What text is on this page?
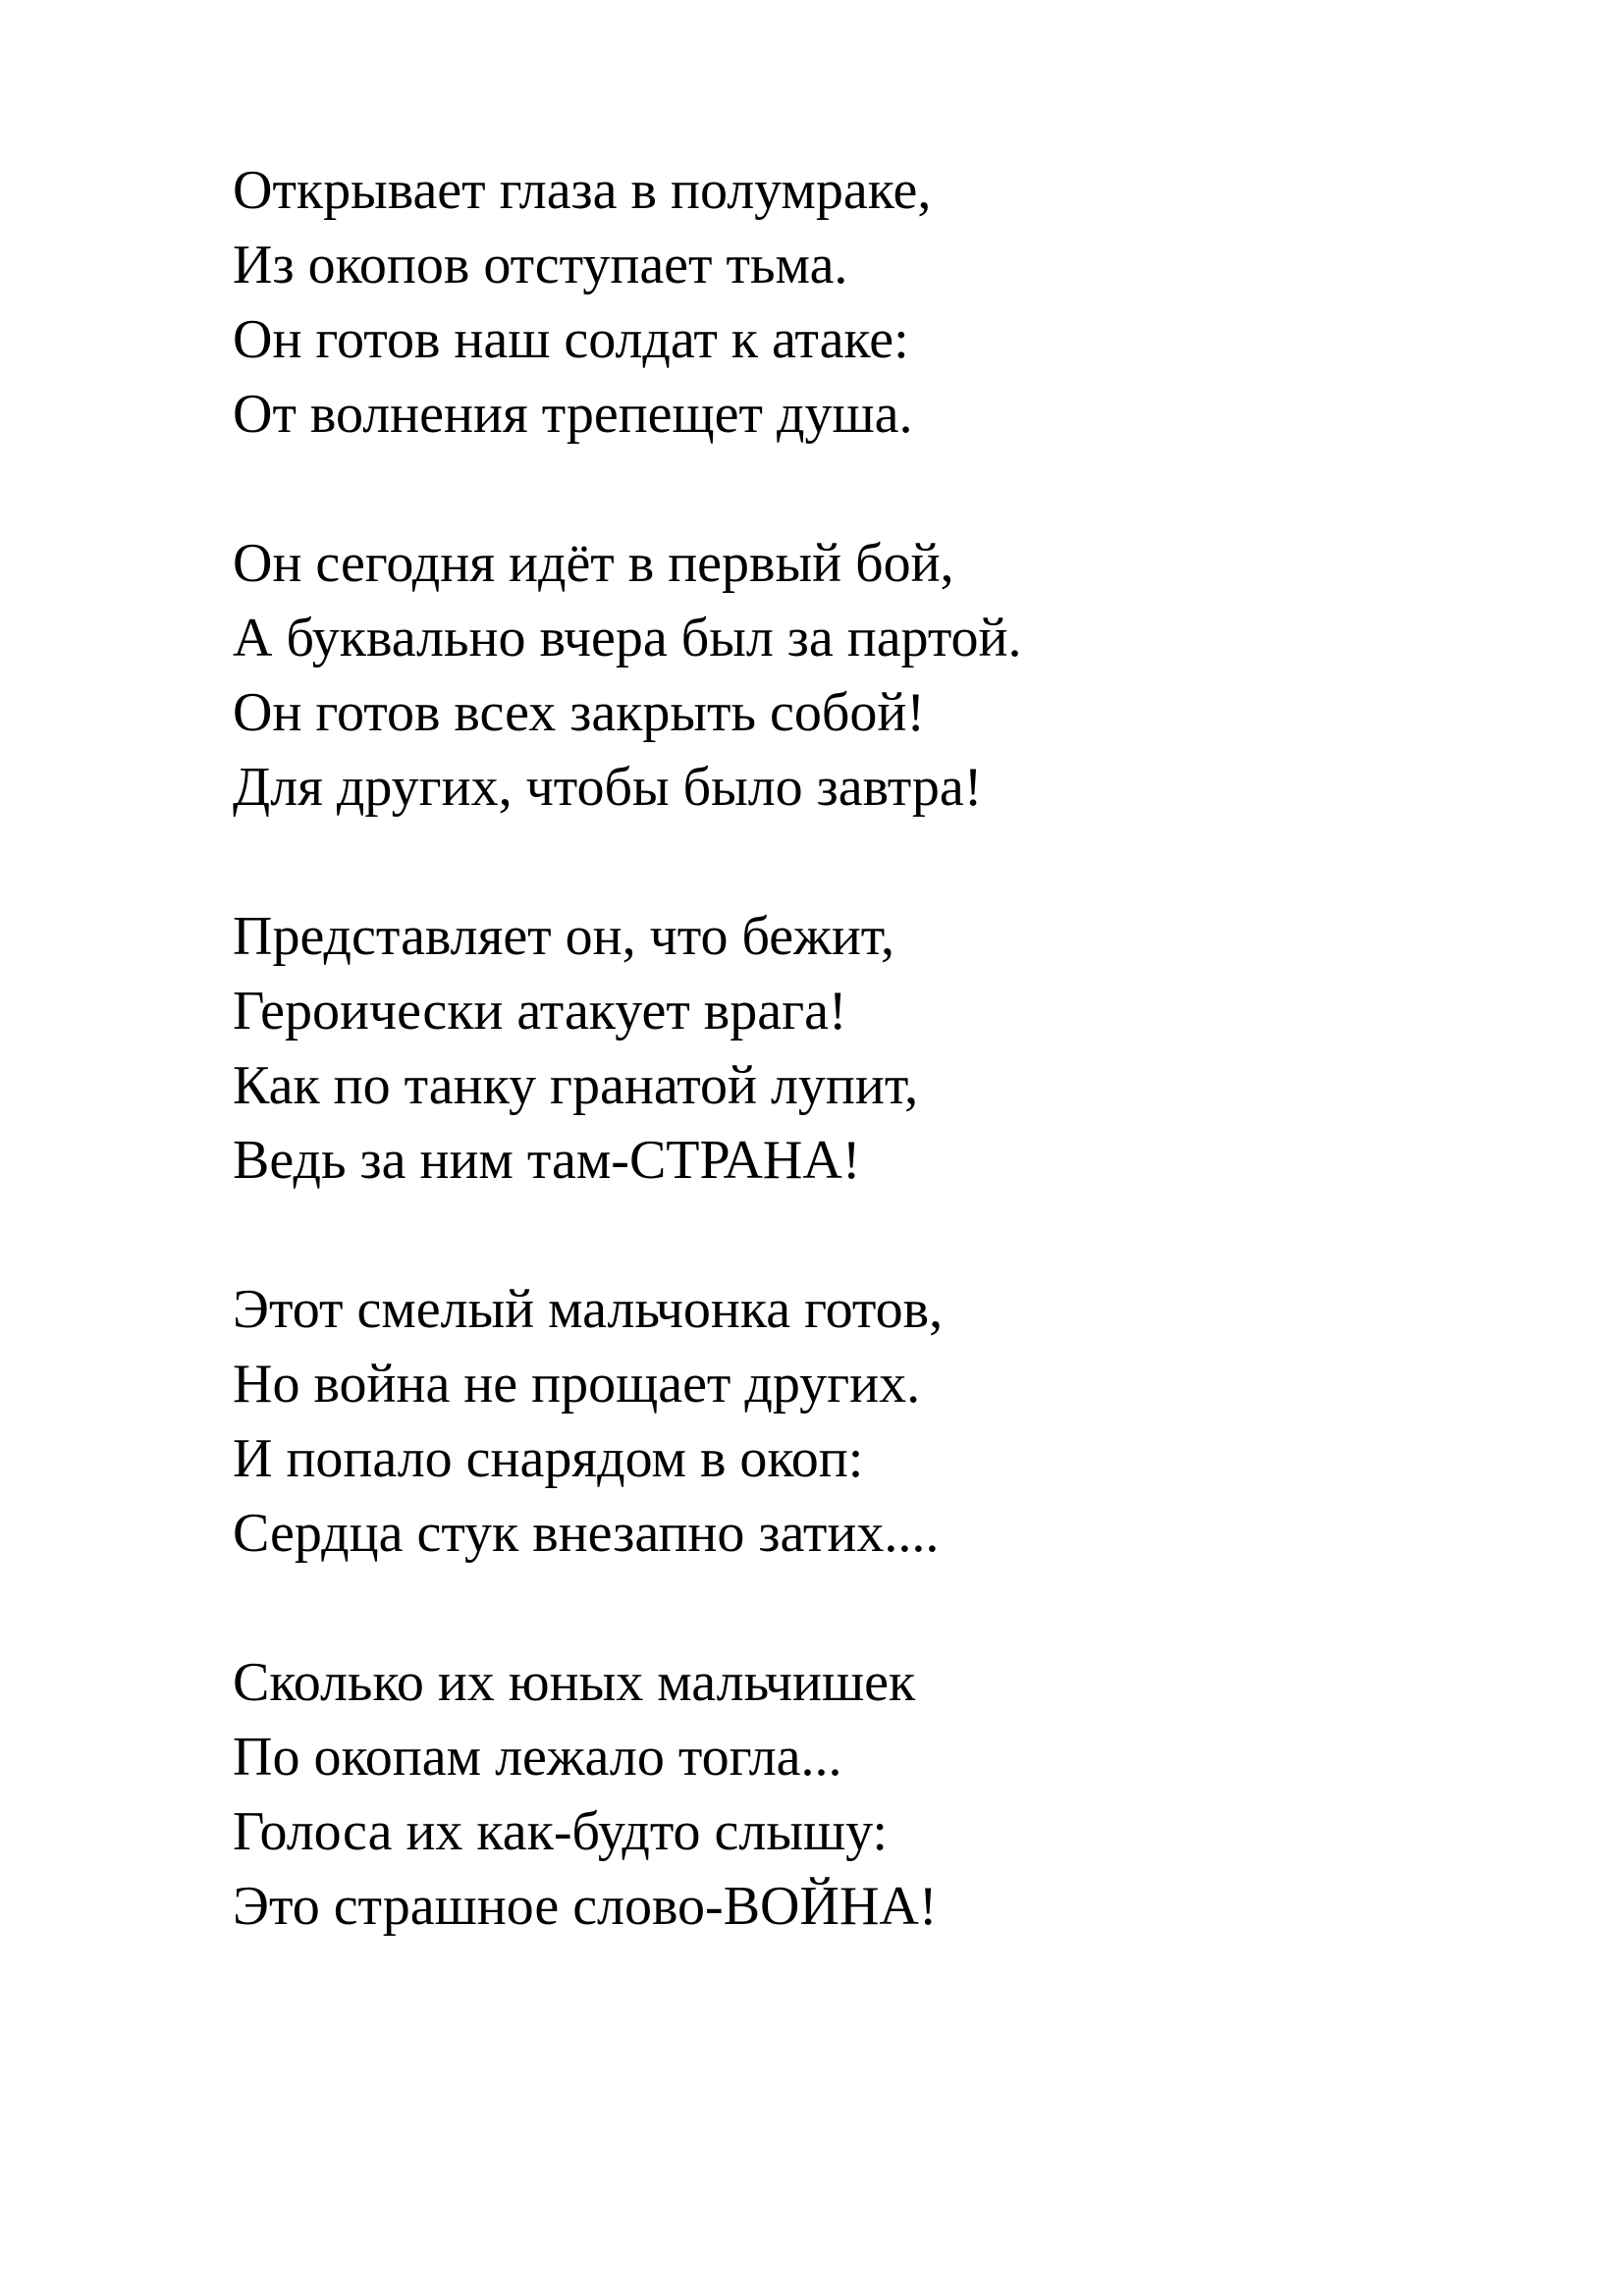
Открывает глаза в полумраке,
Из окопов отступает тьма.
Он готов наш солдат к атаке:
От волнения трепещет душа.
Он сегодня идёт в первый бой,
А буквально вчера был за партой.
Он готов всех закрыть собой!
Для других, чтобы было завтра!
Представляет он, что бежит,
Героически атакует врага!
Как по танку гранатой лупит,
Ведь за ним там-СТРАНА!
Этот смелый мальчонка готов,
Но война не прощает других.
И попало снарядом в окоп:
Сердца стук внезапно затих....
Сколько их юных мальчишек
По окопам лежало тогла...
Голоса их как-будто слышу:
Это страшное слово-ВОЙНА!
